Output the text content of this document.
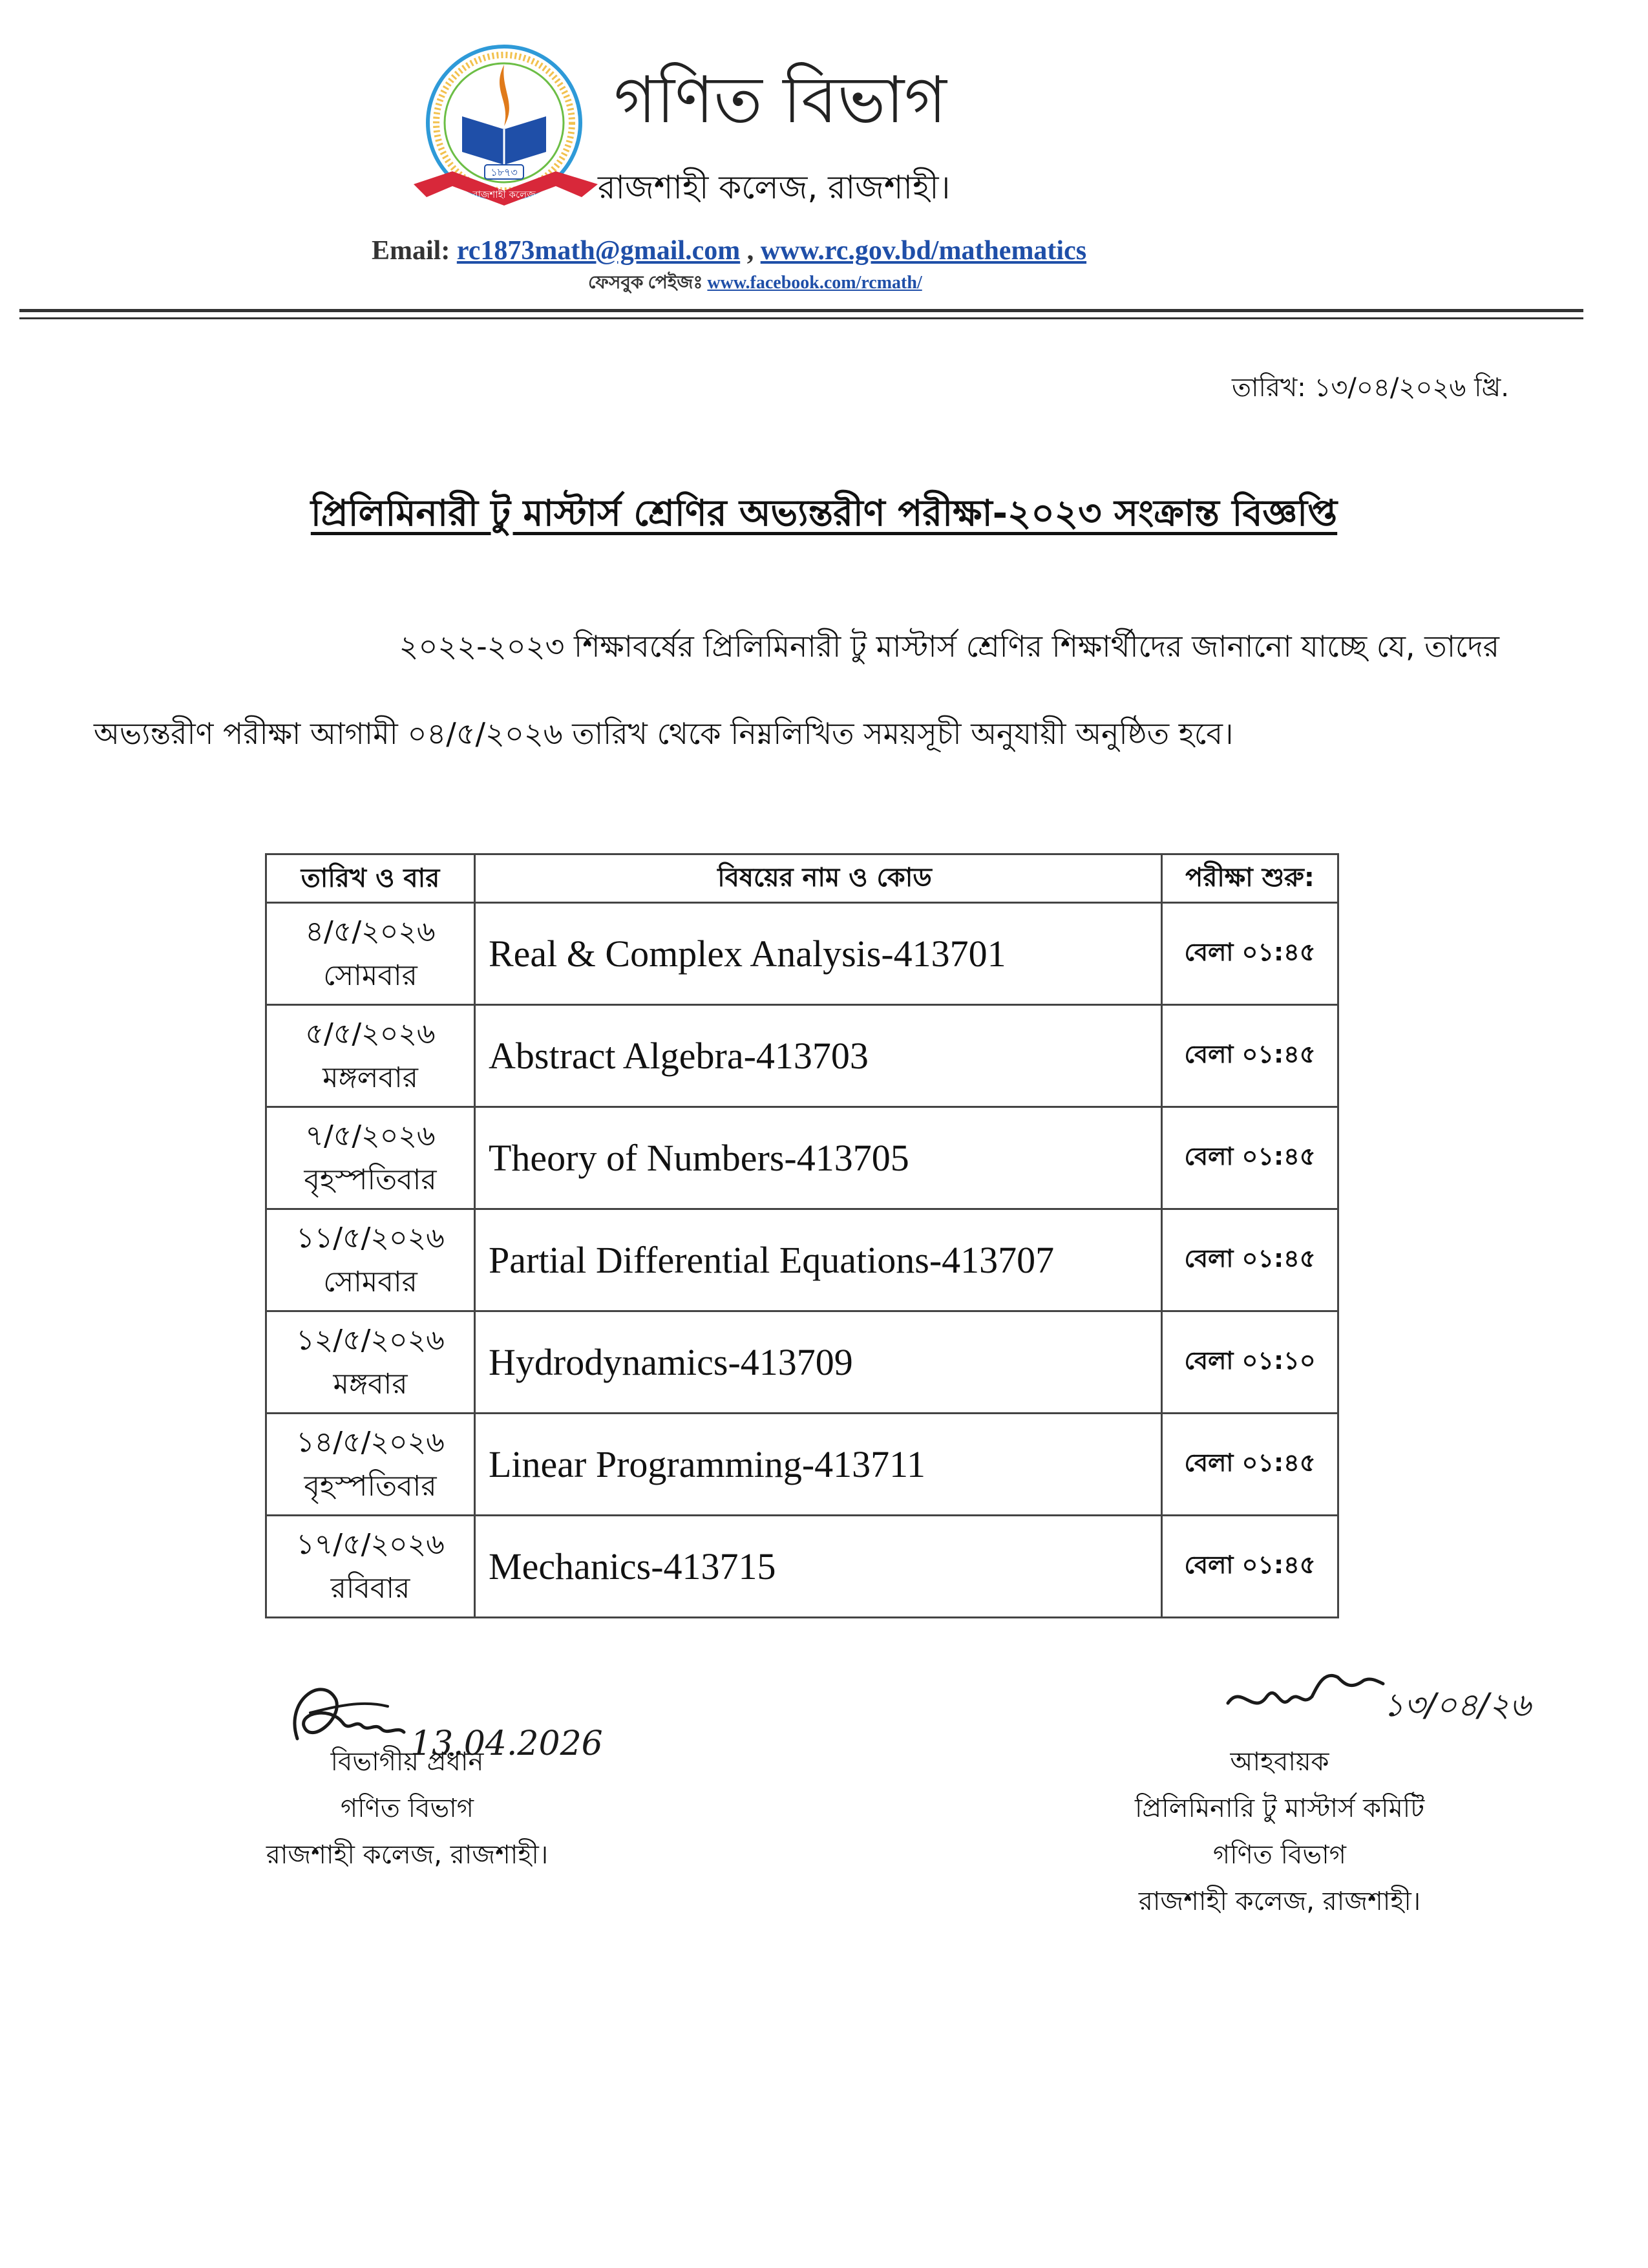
১৮৭৩
রাজশাহী কলেজ
গণিত বিভাগ
রাজশাহী কলেজ, রাজশাহী।
Email: rc1873math@gmail.com , www.rc.gov.bd/mathematics
ফেসবুক পেইজঃ www.facebook.com/rcmath/
তারিখ: ১৩/০৪/২০২৬ খ্রি.
প্রিলিমিনারী টু মাস্টার্স শ্রেণির অভ্যন্তরীণ পরীক্ষা-২০২৩ সংক্রান্ত বিজ্ঞপ্তি
২০২২-২০২৩ শিক্ষাবর্ষের প্রিলিমিনারী টু মাস্টার্স শ্রেণির শিক্ষার্থীদের জানানো যাচ্ছে যে, তাদের
অভ্যন্তরীণ পরীক্ষা আগামী ০৪/৫/২০২৬ তারিখ থেকে নিম্নলিখিত সময়সূচী অনুযায়ী অনুষ্ঠিত হবে।
তারিখ ও বার	বিষয়ের নাম ও কোড	পরীক্ষা শুরু:

৪/৫/২০২৬
সোমবার	Real & Complex Analysis-413701	বেলা ০১:৪৫

৫/৫/২০২৬
মঙ্গলবার	Abstract Algebra-413703	বেলা ০১:৪৫

৭/৫/২০২৬
বৃহস্পতিবার	Theory of Numbers-413705	বেলা ০১:৪৫

১১/৫/২০২৬
সোমবার	Partial Differential Equations-413707	বেলা ০১:৪৫

১২/৫/২০২৬
মঙ্গবার	Hydrodynamics-413709	বেলা ০১:১০

১৪/৫/২০২৬
বৃহস্পতিবার	Linear Programming-413711	বেলা ০১:৪৫

১৭/৫/২০২৬
রবিবার	Mechanics-413715	বেলা ০১:৪৫
13.04.2026
১৩/০৪/২৬
বিভাগীয় প্রধান
গণিত বিভাগ
রাজশাহী কলেজ, রাজশাহী।
আহবায়ক
প্রিলিমিনারি টু মাস্টার্স কমিটি
গণিত বিভাগ
রাজশাহী কলেজ, রাজশাহী।
